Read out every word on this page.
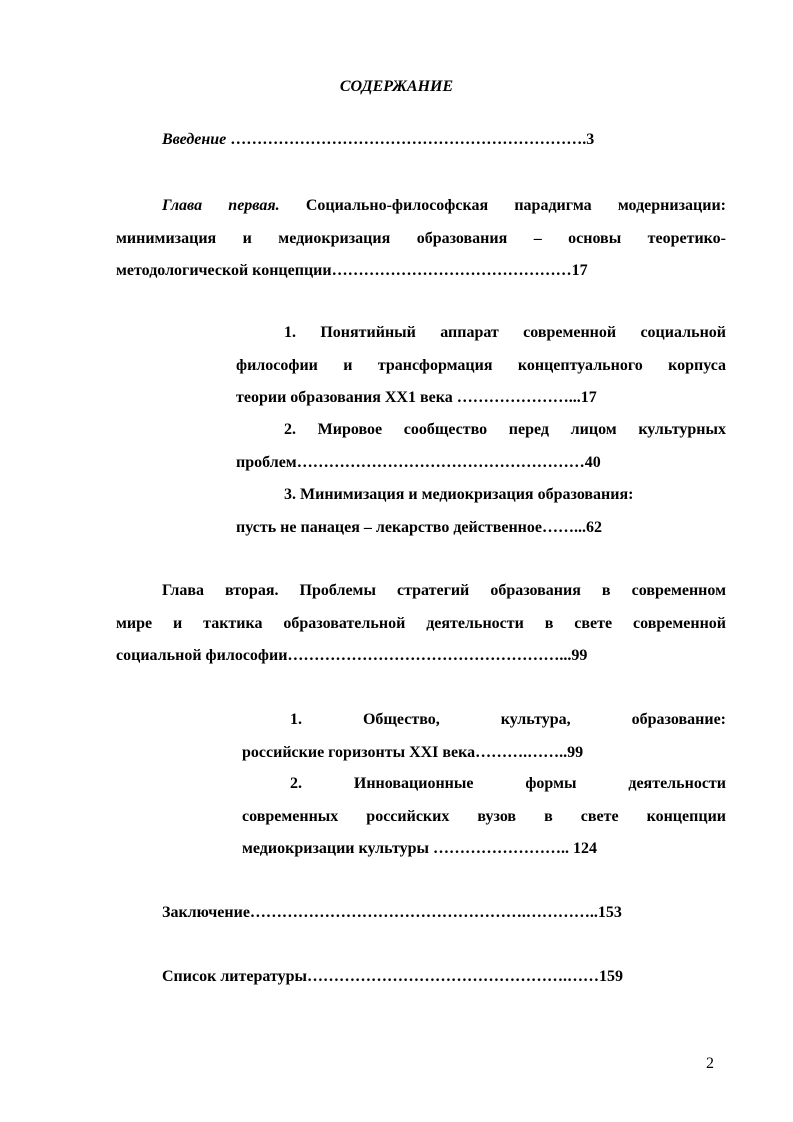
СОДЕРЖАНИЕ
Введение ………………………………………………………….3
Глава первая. Социально-философская парадигма модернизации:
минимизация и медиокризация образования – основы теоретико-
методологической концепции………………………………………17
1. Понятийный аппарат современной социальной
философии и трансформация концептуального корпуса
теории образования XX1 века …………………...17
2. Мировое сообщество перед лицом культурных
проблем………………………………………………40
3. Минимизация и медиокризация образования:
пусть не панацея – лекарство действенное……...62
Глава вторая. Проблемы стратегий образования в современном
мире и тактика образовательной деятельности в свете современной
социальной философии……………………………………………...99
1. Общество, культура, образование:
российские горизонты XXI века……….……..99
2. Инновационные формы деятельности
современных российских вузов в свете концепции
медиокризации культуры …………………….. 124
Заключение…………………………………………….…………..153
Список литературы………………………………………….……159
2
